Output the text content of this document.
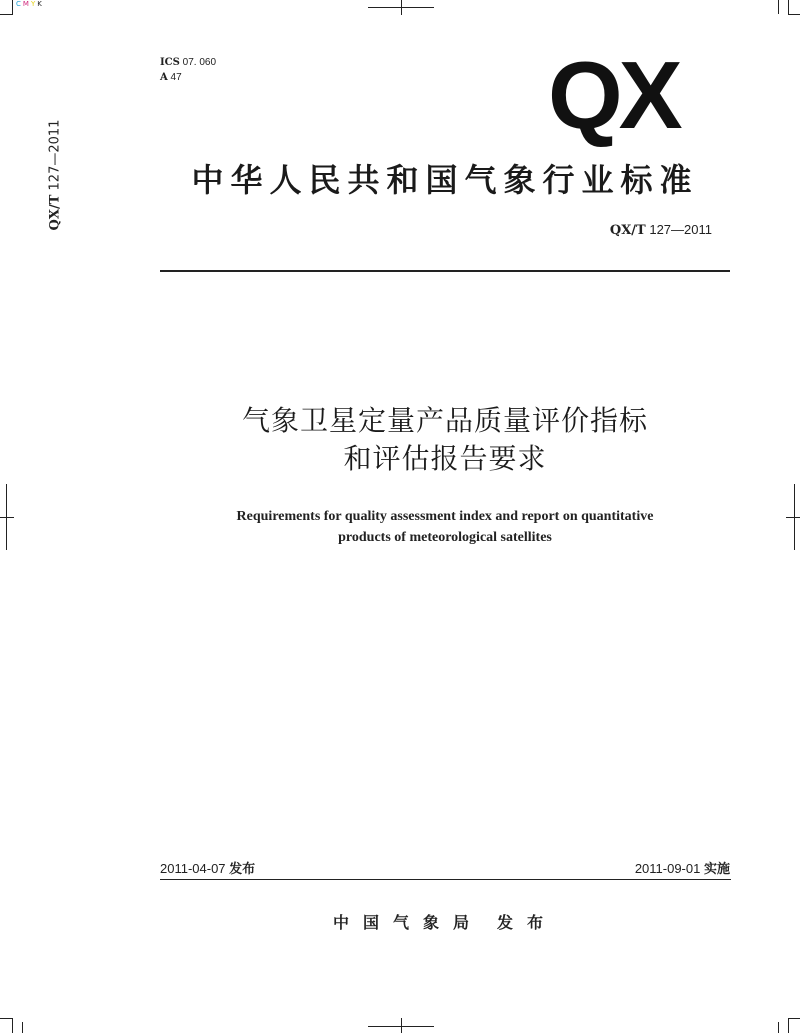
CMYK
QX/T 127—2011
ICS 07. 060
A 47	QX
中华人民共和国气象行业标准
QX/T 127—2011
气象卫星定量产品质量评价指标
和评估报告要求
Requirements for quality assessment index and report on quantitative
products of meteorological satellites
2011-04-07 发布	2011-09-01 实施
中国气象局 发布
